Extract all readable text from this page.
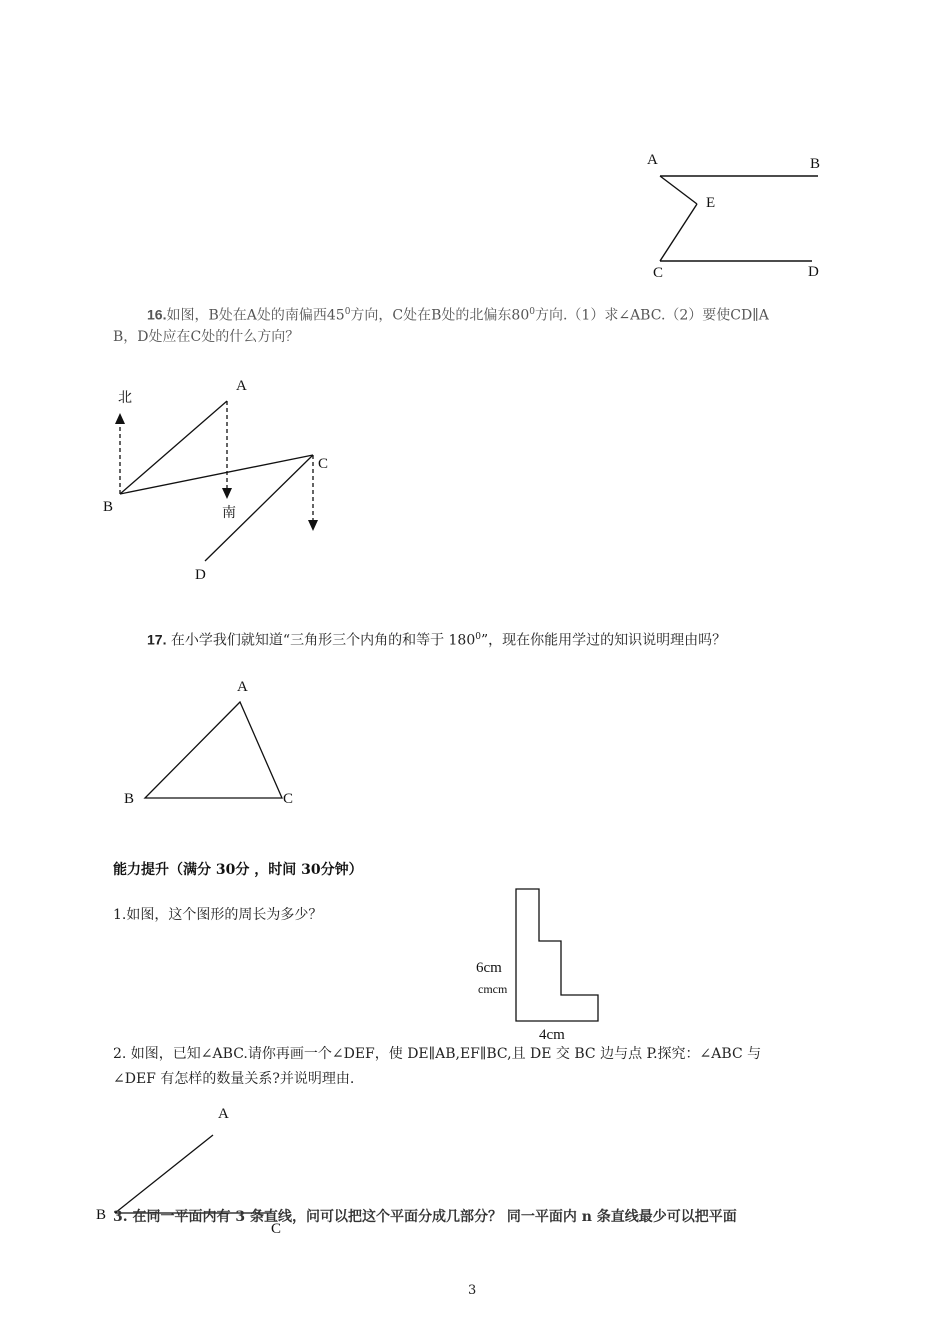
A	B
E
C	D
16.如图，B处在A处的南偏西$45^0$方向，C处在B处的北偏东$80^0$方向.（1）求∠ABC.（2）要使CD∥A
B，D处应在C处的什么方向？
北
A
C
B	南
D
17. 在小学我们就知道“三角形三个内角的和等于 $180^0$”，现在你能用学过的知识说明理由吗？
A
B	C
能力提升（满分 30分 ，时间 30分钟）
1.如图，这个图形的周长为多少？
6cm
cmcm
4cm
2. 如图，已知∠ABC.请你再画一个∠DEF，使 DE∥AB,EF∥BC,且 DE 交 BC 边与点 P.探究：∠ABC 与
∠DEF 有怎样的数量关系?并说明理由.
A
B
C
3. 在同一平面内有 3 条直线，问可以把这个平面分成几部分？ 同一平面内 n 条直线最少可以把平面
3
